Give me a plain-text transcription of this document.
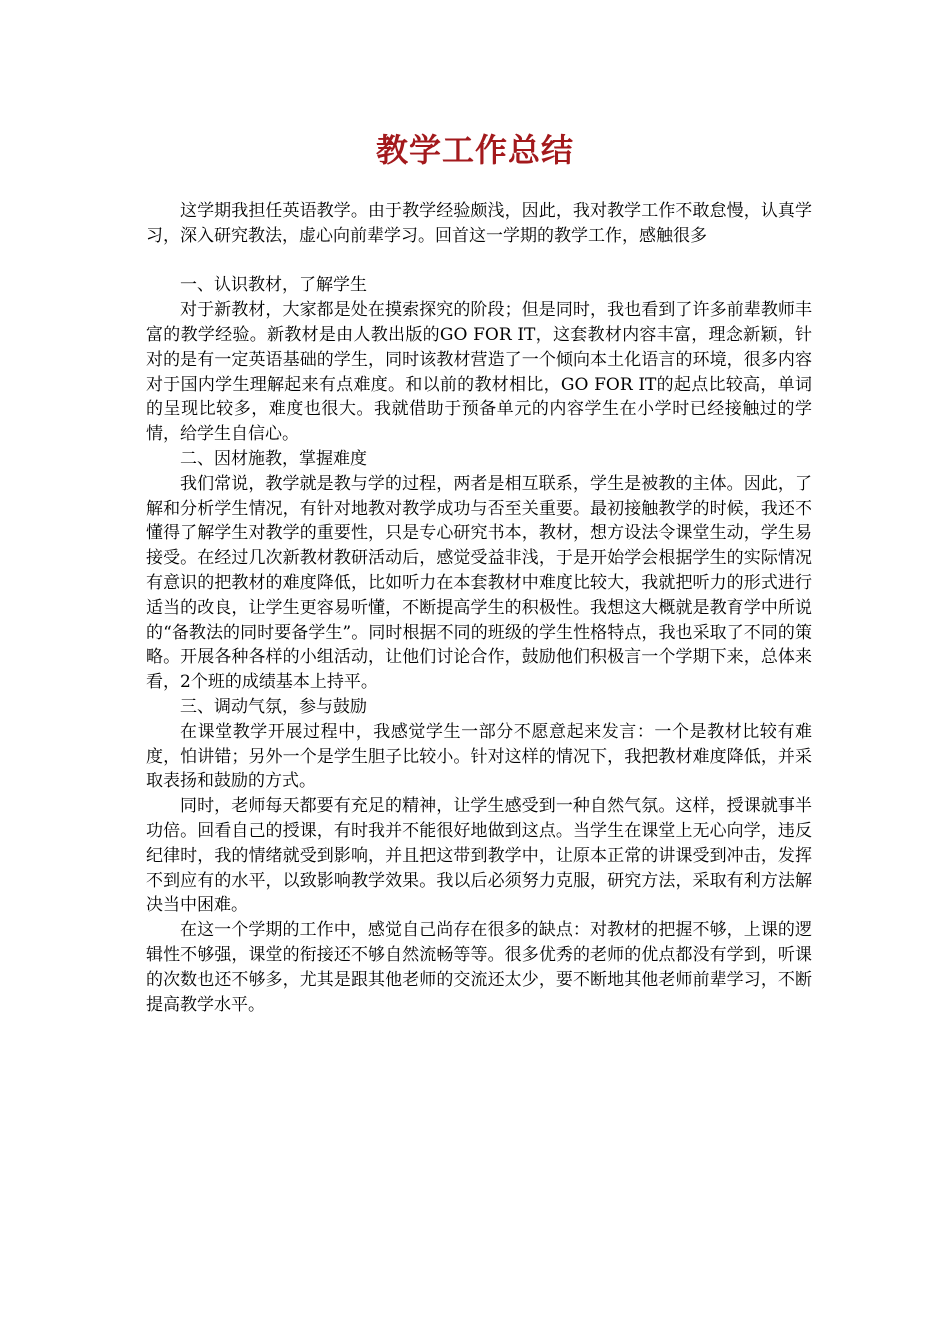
教学工作总结

这学期我担任英语教学。由于教学经验颇浅，因此，我对教学工作不敢怠慢，认真学习，深入研究教法，虚心向前辈学习。回首这一学期的教学工作，感触很多

一、认识教材，了解学生

对于新教材，大家都是处在摸索探究的阶段；但是同时，我也看到了许多前辈教师丰富的教学经验。新教材是由人教出版的GO FOR IT，这套教材内容丰富，理念新颖，针对的是有一定英语基础的学生，同时该教材营造了一个倾向本土化语言的环境，很多内容对于国内学生理解起来有点难度。和以前的教材相比，GO FOR IT的起点比较高，单词的呈现比较多，难度也很大。我就借助于预备单元的内容学生在小学时已经接触过的学情，给学生自信心。

二、因材施教，掌握难度

我们常说，教学就是教与学的过程，两者是相互联系，学生是被教的主体。因此，了解和分析学生情况，有针对地教对教学成功与否至关重要。最初接触教学的时候，我还不懂得了解学生对教学的重要性，只是专心研究书本，教材，想方设法令课堂生动，学生易接受。在经过几次新教材教研活动后，感觉受益非浅，于是开始学会根据学生的实际情况有意识的把教材的难度降低，比如听力在本套教材中难度比较大，我就把听力的形式进行适当的改良，让学生更容易听懂，不断提高学生的积极性。我想这大概就是教育学中所说的“备教法的同时要备学生”。同时根据不同的班级的学生性格特点，我也采取了不同的策略。开展各种各样的小组活动，让他们讨论合作，鼓励他们积极言一个学期下来，总体来看，2个班的成绩基本上持平。

三、调动气氛，参与鼓励

在课堂教学开展过程中，我感觉学生一部分不愿意起来发言：一个是教材比较有难度，怕讲错；另外一个是学生胆子比较小。针对这样的情况下，我把教材难度降低，并采取表扬和鼓励的方式。

同时，老师每天都要有充足的精神，让学生感受到一种自然气氛。这样，授课就事半功倍。回看自己的授课，有时我并不能很好地做到这点。当学生在课堂上无心向学，违反纪律时，我的情绪就受到影响，并且把这带到教学中，让原本正常的讲课受到冲击，发挥不到应有的水平，以致影响教学效果。我以后必须努力克服，研究方法，采取有利方法解决当中困难。

在这一个学期的工作中，感觉自己尚存在很多的缺点：对教材的把握不够，上课的逻辑性不够强，课堂的衔接还不够自然流畅等等。很多优秀的老师的优点都没有学到，听课的次数也还不够多，尤其是跟其他老师的交流还太少，要不断地其他老师前辈学习，不断提高教学水平。
